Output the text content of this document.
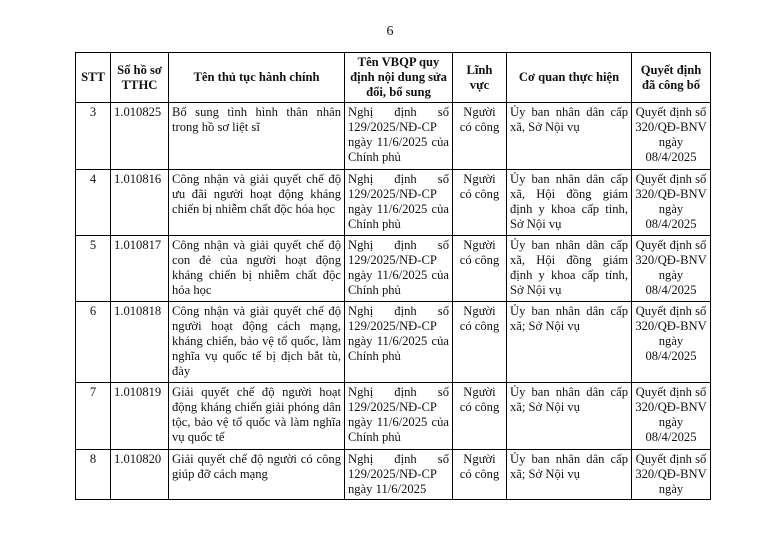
6
STT	Số hồ sơ TTHC	Tên thủ tục hành chính	Tên VBQP quy định nội dung sửa đổi, bổ sung	Lĩnh vực	Cơ quan thực hiện	Quyết định đã công bố
3	1.010825	Bổ sung tình hình thân nhân trong hồ sơ liệt sĩ	Nghị định số 129/2025/NĐ-CP ngày 11/6/2025 của Chính phủ	Người có công	Ủy ban nhân dân cấp xã, Sở Nội vụ	Quyết định số 320/QĐ-BNV ngày 08/4/2025
4	1.010816	Công nhận và giải quyết chế độ ưu đãi người hoạt động kháng chiến bị nhiễm chất độc hóa học	Nghị định số 129/2025/NĐ-CP ngày 11/6/2025 của Chính phủ	Người có công	Ủy ban nhân dân cấp xã, Hội đồng giám định y khoa cấp tỉnh, Sở Nội vụ	Quyết định số 320/QĐ-BNV ngày 08/4/2025
5	1.010817	Công nhận và giải quyết chế độ con đẻ của người hoạt động kháng chiến bị nhiễm chất độc hóa học	Nghị định số 129/2025/NĐ-CP ngày 11/6/2025 của Chính phủ	Người có công	Ủy ban nhân dân cấp xã, Hội đồng giám định y khoa cấp tỉnh, Sở Nội vụ	Quyết định số 320/QĐ-BNV ngày 08/4/2025
6	1.010818	Công nhận và giải quyết chế độ người hoạt động cách mạng, kháng chiến, bảo vệ tổ quốc, làm nghĩa vụ quốc tế bị địch bắt tù, đày	Nghị định số 129/2025/NĐ-CP ngày 11/6/2025 của Chính phủ	Người có công	Ủy ban nhân dân cấp xã; Sở Nội vụ	Quyết định số 320/QĐ-BNV ngày 08/4/2025
7	1.010819	Giải quyết chế độ người hoạt động kháng chiến giải phóng dân tộc, bảo vệ tổ quốc và làm nghĩa vụ quốc tế	Nghị định số 129/2025/NĐ-CP ngày 11/6/2025 của Chính phủ	Người có công	Ủy ban nhân dân cấp xã; Sở Nội vụ	Quyết định số 320/QĐ-BNV ngày 08/4/2025
8	1.010820	Giải quyết chế độ người có công giúp đỡ cách mạng	Nghị định số 129/2025/NĐ-CP ngày 11/6/2025	Người có công	Ủy ban nhân dân cấp xã; Sở Nội vụ	Quyết định số 320/QĐ-BNV ngày
